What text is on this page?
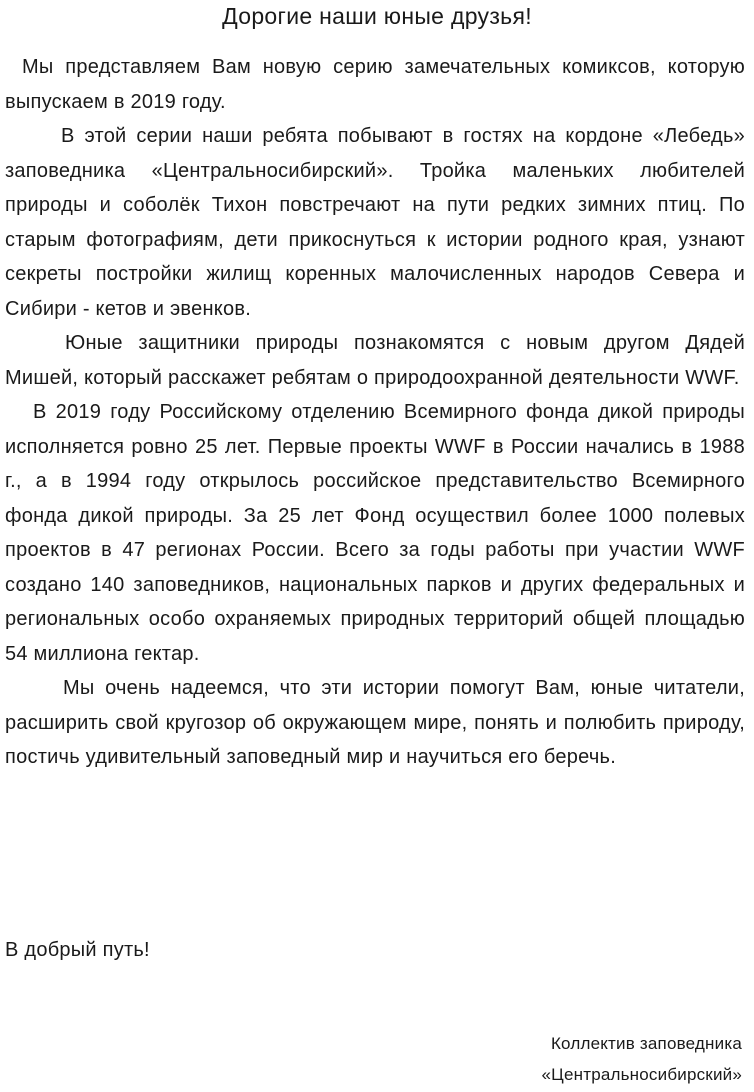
Дорогие наши юные друзья!

Мы представляем Вам новую серию замечательных комиксов, которую выпускаем в 2019 году.

В этой серии наши ребята побывают в гостях на кордоне «Лебедь» заповедника «Центральносибирский». Тройка маленьких любителей природы и соболёк Тихон повстречают на пути редких зимних птиц. По старым фотографиям, дети прикоснуться к истории родного края, узнают секреты постройки жилищ коренных малочисленных народов Севера и Сибири - кетов и эвенков.

Юные защитники природы познакомятся с новым другом Дядей Мишей, который расскажет ребятам о природоохранной деятельности WWF.

В 2019 году Российскому отделению Всемирного фонда дикой природы исполняется ровно 25 лет. Первые проекты WWF в России начались в 1988 г., а в 1994 году открылось российское представительство Всемирного фонда дикой природы. За 25 лет Фонд осуществил более 1000 полевых проектов в 47 регионах России. Всего за годы работы при участии WWF создано 140 заповедников, национальных парков и других федеральных и региональных особо охраняемых природных территорий общей площадью 54 миллиона гектар.

Мы очень надеемся, что эти истории помогут Вам, юные читатели, расширить свой кругозор об окружающем мире, понять и полюбить природу, постичь удивительный заповедный мир и научиться его беречь.

В добрый путь!
Коллектив заповедника
«Центральносибирский»
